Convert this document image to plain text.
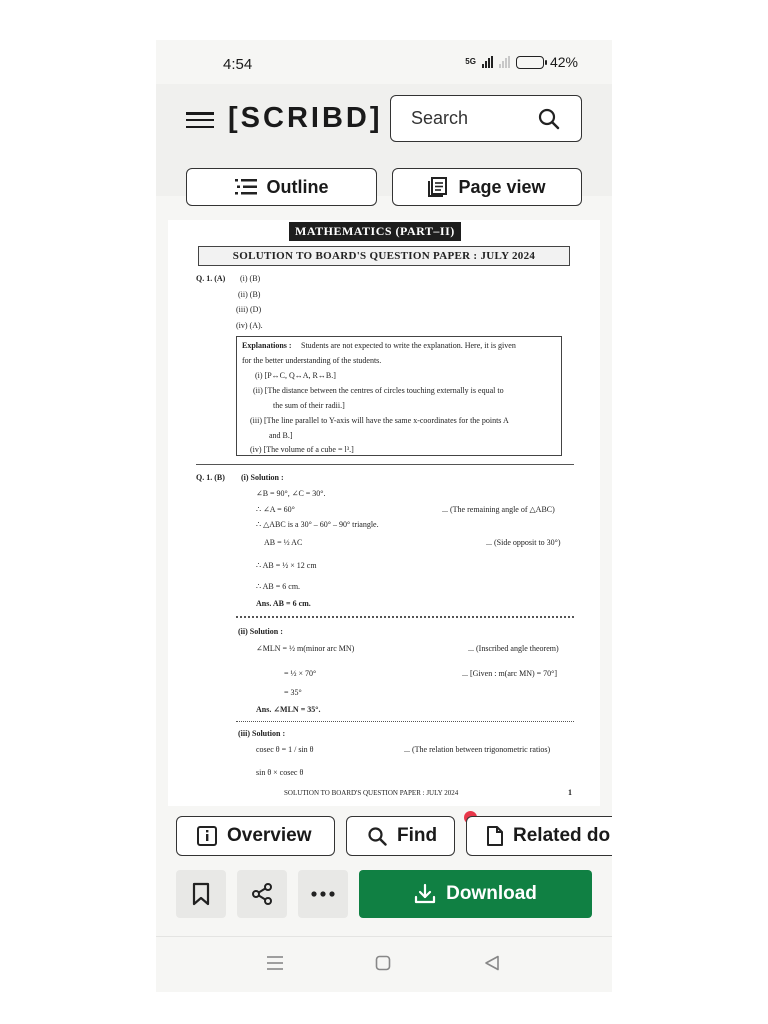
4:54	5G	42%
[SCRIBD] Search
Outline	Page view
MATHEMATICS (PART–II)
SOLUTION TO BOARD'S QUESTION PAPER : JULY 2024
Q. 1. (A) (i) (B)
(ii) (B)
(iii) (D)
(iv) (A).
Explanations : Students are not expected to write the explanation. Here, it is given
for the better understanding of the students.
(i) [P↔C, Q↔A, R↔B.]
(ii) [The distance between the centres of circles touching externally is equal to
the sum of their radii.]
(iii) [The line parallel to Y-axis will have the same x-coordinates for the points A
and B.]
(iv) [The volume of a cube = l³.]
Q. 1. (B) (i) Solution :
∠B = 90°, ∠C = 30°.
∴ ∠A = 60°	... (The remaining angle of △ABC)
∴ △ABC is a 30° – 60° – 90° triangle.
AB = ½ AC	... (Side opposit to 30°)
∴ AB = ½ × 12 cm
∴ AB = 6 cm.
Ans. AB = 6 cm.
(ii) Solution :
∠MLN = ½ m(minor arc MN)	... (Inscribed angle theorem)
= ½ × 70°	... [Given : m(arc MN) = 70°]
= 35°
Ans. ∠MLN = 35°.
(iii) Solution :
cosec θ = 1 / sin θ	... (The relation between trigonometric ratios)
sin θ × cosec θ
SOLUTION TO BOARD'S QUESTION PAPER : JULY 2024	1
Overview	Find	Related do
Download
